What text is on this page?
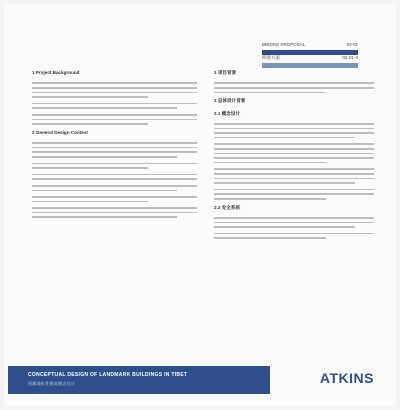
BRIDGE PROPOSAL	ID-01
桥梁方案	02-01-4
1 Project Background

2 General Design Context

1 项目背景

2 总体设计背景
2.1 概念设计

2.2 安全系统

CONCEPTUAL DESIGN OF LANDMARK BUILDINGS IN TIBET
西藏地标性建筑概念设计	ATKINS
